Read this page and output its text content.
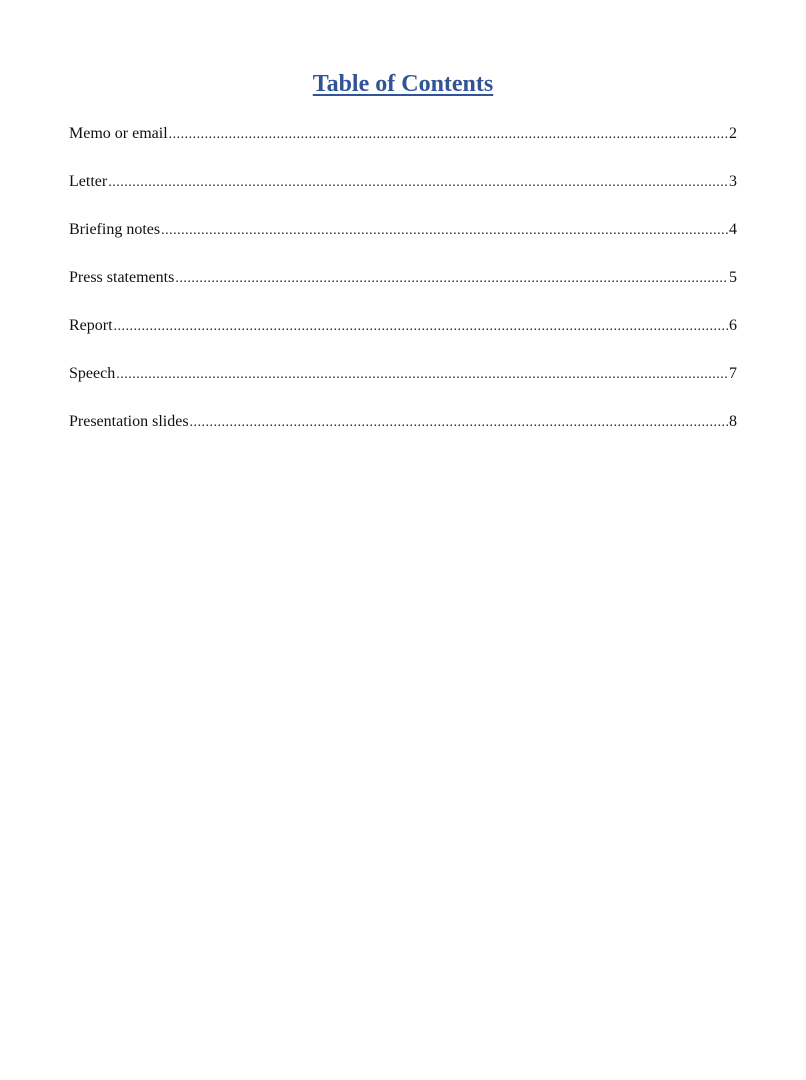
Table of Contents
Memo or email .....	2
Letter .....	3
Briefing notes .....	4
Press statements .....	5
Report .....	6
Speech .....	7
Presentation slides .....	8
